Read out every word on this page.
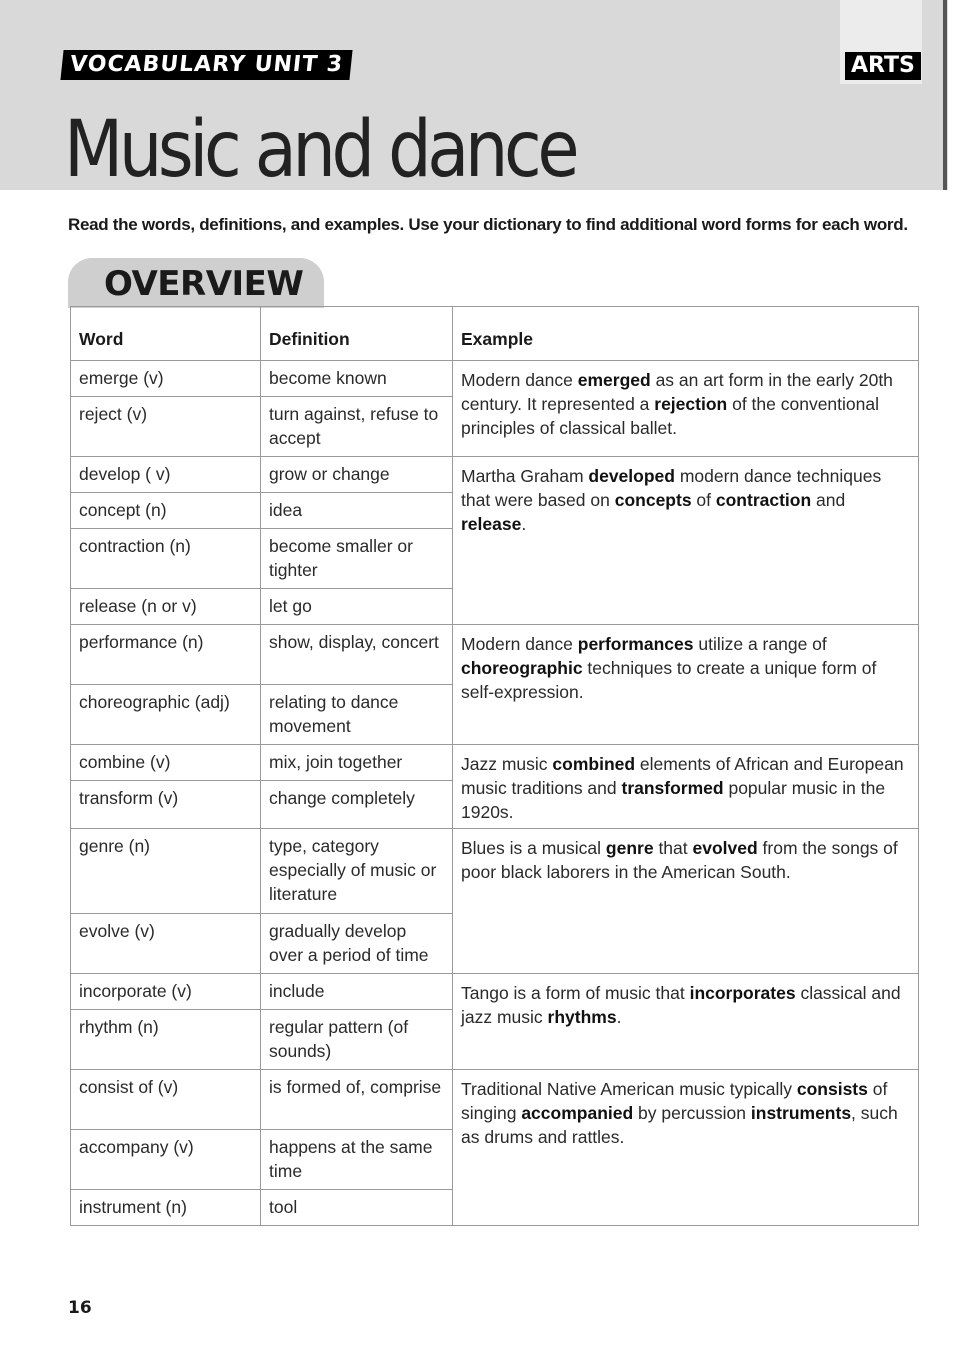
VOCABULARY UNIT 3	ARTS
Music and dance

Read the words, definitions, and examples. Use your dictionary to find additional word forms for each word.

OVERVIEW
Word	Definition	Example
emerge (v)	become known	Modern dance emerged as an art form in the early 20th century. It represented a rejection of the conventional principles of classical ballet.
reject (v)	turn against, refuse to accept	
develop ( v)	grow or change	Martha Graham developed modern dance techniques that were based on concepts of contraction and release.
concept (n)	idea	
contraction (n)	become smaller or tighter	
release (n or v)	let go	
performance (n)	show, display, concert	Modern dance performances utilize a range of choreographic techniques to create a unique form of self-expression.
choreographic (adj)	relating to dance movement	
combine (v)	mix, join together	Jazz music combined elements of African and European music traditions and transformed popular music in the 1920s.
transform (v)	change completely	
genre (n)	type, category especially of music or literature	Blues is a musical genre that evolved from the songs of poor black laborers in the American South.
evolve (v)	gradually develop over a period of time	
incorporate (v)	include	Tango is a form of music that incorporates classical and jazz music rhythms.
rhythm (n)	regular pattern (of sounds)	
consist of (v)	is formed of, comprise	Traditional Native American music typically consists of singing accompanied by percussion instruments, such as drums and rattles.
accompany (v)	happens at the same time	
instrument (n)	tool	
16
